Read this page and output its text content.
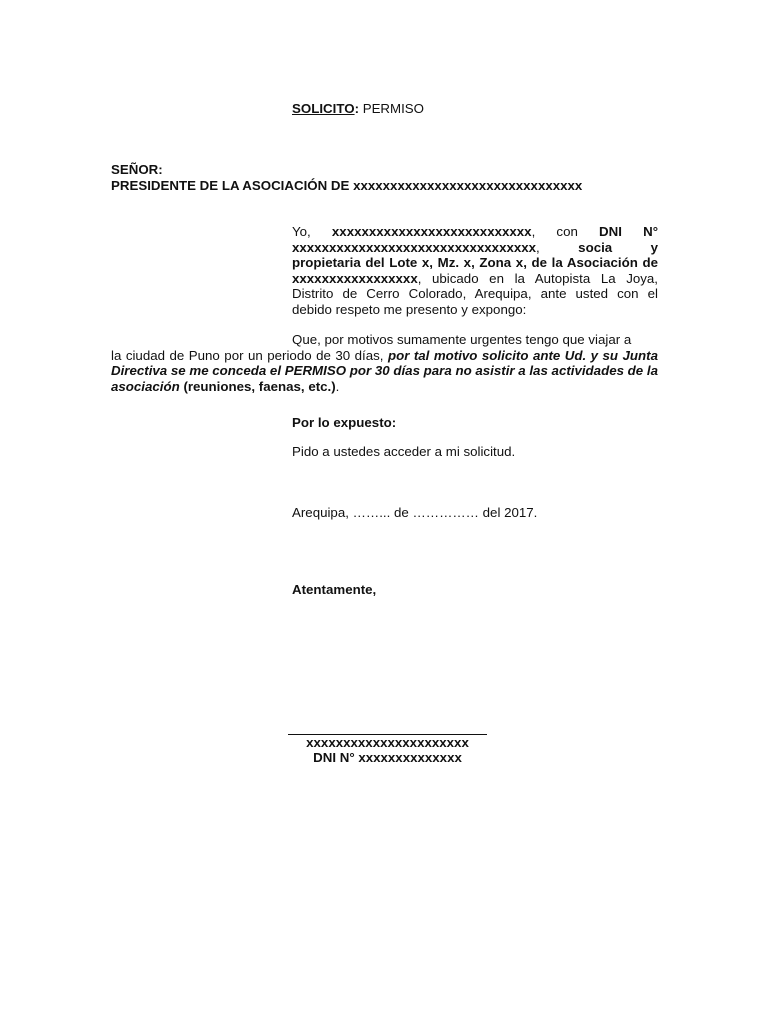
SOLICITO: PERMISO
SEÑOR:
PRESIDENTE DE LA ASOCIACIÓN DE xxxxxxxxxxxxxxxxxxxxxxxxxxxxxxx
Yo, xxxxxxxxxxxxxxxxxxxxxxxxxxx, con DNI N° xxxxxxxxxxxxxxxxxxxxxxxxxxxxxxxxx, socia y propietaria del Lote x, Mz. x, Zona x, de la Asociación de xxxxxxxxxxxxxxxxx, ubicado en la Autopista La Joya, Distrito de Cerro Colorado, Arequipa, ante usted con el debido respeto me presento y expongo:
Que, por motivos sumamente urgentes tengo que viajar a
la ciudad de Puno por un periodo de 30 días, por tal motivo solicito ante Ud. y su Junta Directiva se me conceda el PERMISO por 30 días para no asistir a las actividades de la asociación (reuniones, faenas, etc.).
Por lo expuesto:
Pido a ustedes acceder a mi solicitud.
Arequipa, ……... de …………… del 2017.
Atentamente,
xxxxxxxxxxxxxxxxxxxxxx
DNI N° xxxxxxxxxxxxxx
